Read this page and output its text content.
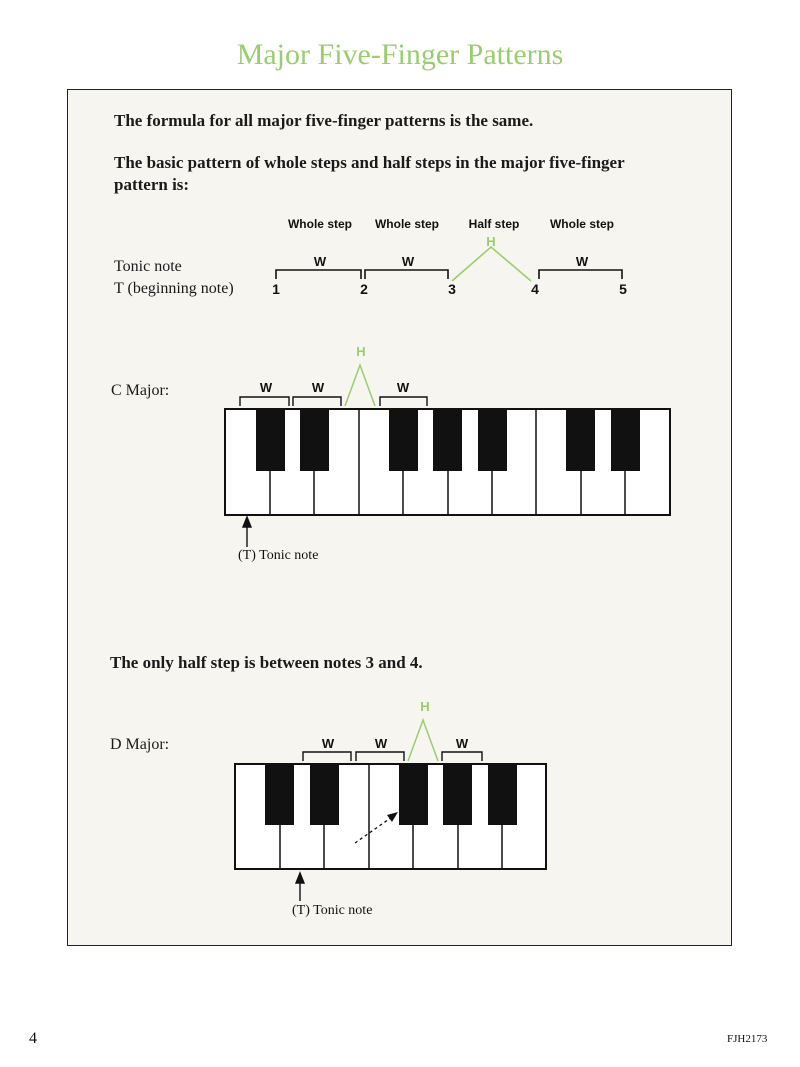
Major Five-Finger Patterns
The formula for all major five-finger patterns is the same.
The basic pattern of whole steps and half steps in the major five-finger
pattern is:
Whole step	Whole step	Half step	Whole step
W	W
H
W
Tonic note
T (beginning note)	1	2	3	4	5
C Major:	W	W
H
W
(T) Tonic note
The only half step is between notes 3 and 4.
D Major:	W	W
H
W
(T) Tonic note
4	FJH2173
